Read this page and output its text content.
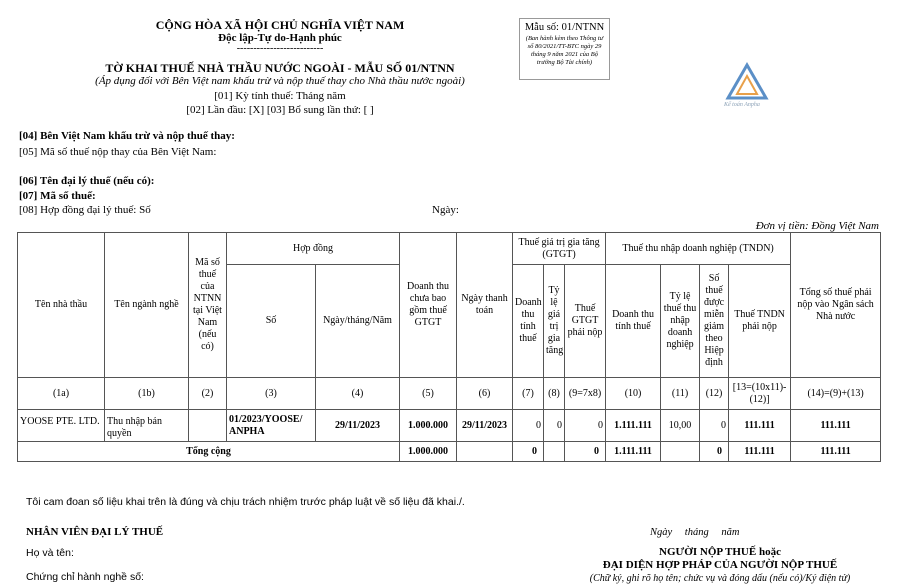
CỘNG HÒA XÃ HỘI CHỦ NGHĨA VIỆT NAM
Độc lập-Tự do-Hạnh phúc
--------------------------
TỜ KHAI THUẾ NHÀ THẦU NƯỚC NGOÀI - MẪU SỐ 01/NTNN
(Áp dụng đối với Bên Việt nam khấu trừ và nộp thuế thay cho Nhà thầu nước ngoài)
[01] Kỳ tính thuế: Tháng năm
[02] Lần đầu: [X] [03] Bổ sung lần thứ: [ ]
Mẫu số: 01/NTNN
(Ban hành kèm theo Thông tư số 80/2021/TT-BTC ngày 29 tháng 9 năm 2021 của Bộ trưởng Bộ Tài chính)
Kế toán Anpha
[04] Bên Việt Nam khấu trừ và nộp thuế thay:
[05] Mã số thuế nộp thay của Bên Việt Nam:
[06] Tên đại lý thuế (nếu có):
[07] Mã số thuế:
[08] Hợp đồng đại lý thuế: Số	Ngày:
Đơn vị tiền: Đồng Việt Nam
Tên nhà thầu	Tên ngành nghề	Mã số thuế của NTNN tại Việt Nam (nếu có)	Hợp đồng		Doanh thu chưa bao gồm thuế GTGT	Ngày thanh toán	Thuế giá trị gia tăng (GTGT)			Thuế thu nhập doanh nghiệp (TNDN)				Tổng số thuế phải nộp vào Ngân sách Nhà nước
			Số	Ngày/tháng/Năm			Doanh thu tính thuế	Tỷ lệ giá trị gia tăng	Thuế GTGT phải nộp	Doanh thu tính thuế	Tỷ lệ thuế thu nhập doanh nghiệp	Số thuế được miễn giảm theo Hiệp định	Thuế TNDN phải nộp	

(1a)	(1b)	(2)	(3)	(4)	(5)	(6)	(7)	(8)	(9=7x8)	(10)	(11)	(12)	[13=(10x11)-(12)]	(14)=(9)+(13)
YOOSE PTE. LTD.	Thu nhập bản quyền		01/2023/YOOSE/ ANPHA	29/11/2023	1.000.000	29/11/2023	0	0	0	1.111.111	10,00	0	111.111	111.111
Tổng cộng					1.000.000		0		0	1.111.111		0	111.111	111.111
Tôi cam đoan số liệu khai trên là đúng và chịu trách nhiệm trước pháp luật về số liệu đã khai./.
NHÂN VIÊN ĐẠI LÝ THUẾ
Họ và tên:
Chứng chỉ hành nghề số:
Ngày tháng năm
NGƯỜI NỘP THUẾ hoặc
ĐẠI DIỆN HỢP PHÁP CỦA NGƯỜI NỘP THUẾ
(Chữ ký, ghi rõ họ tên; chức vụ và đóng dấu (nếu có)/Ký điện tử)
